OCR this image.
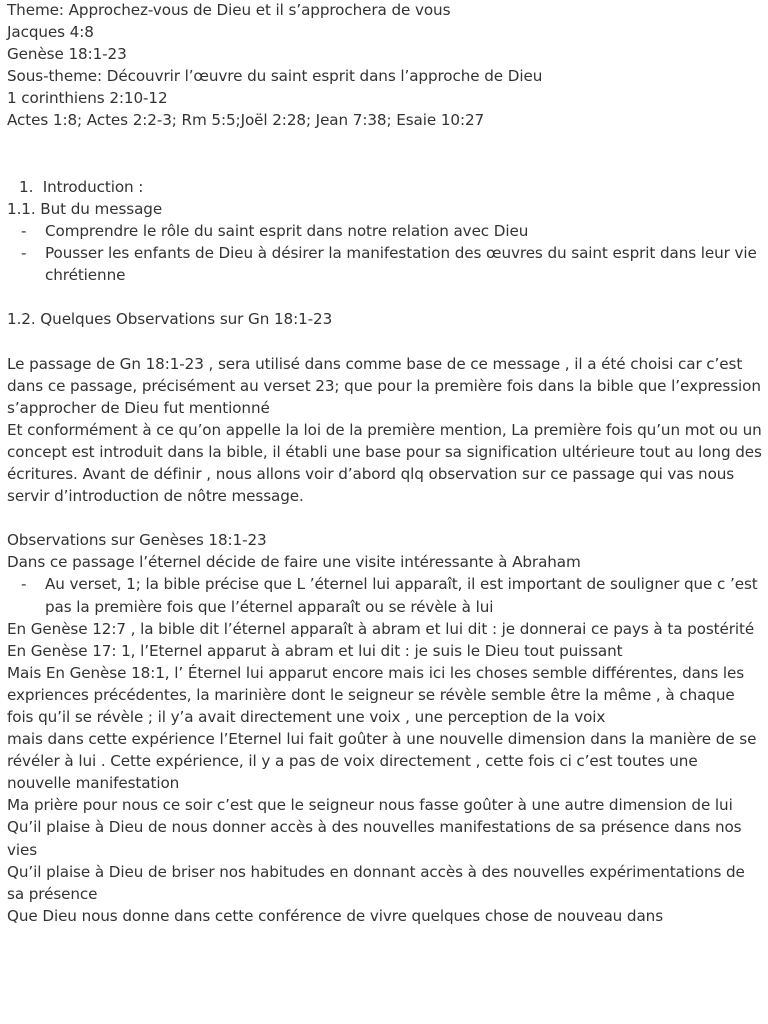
Theme: Approchez-vous de Dieu et il s’approchera de vous
Jacques 4:8
Genèse 18:1-23
Sous-theme: Découvrir l’œuvre du saint esprit dans l’approche de Dieu
1 corinthiens 2:10-12
Actes 1:8; Actes 2:2-3; Rm 5:5;Joël 2:28; Jean 7:38; Esaie 10:27
1. Introduction :
1.1. But du message
- Comprendre le rôle du saint esprit dans notre relation avec Dieu
- Pousser les enfants de Dieu à désirer la manifestation des œuvres du saint esprit dans leur vie chrétienne
1.2. Quelques Observations sur Gn 18:1-23
Le passage de Gn 18:1-23 , sera utilisé dans comme base de ce message , il a été choisi car c’est dans ce passage, précisément au verset 23; que pour la première fois dans la bible que l’expression s’approcher de Dieu fut mentionné
Et conformément à ce qu’on appelle la loi de la première mention, La première fois qu’un mot ou un concept est introduit dans la bible, il établi une base pour sa signification ultérieure tout au long des écritures. Avant de définir , nous allons voir d’abord qlq observation sur ce passage qui vas nous servir d’introduction de nôtre message.
Observations sur Genèses 18:1-23
Dans ce passage l’éternel décide de faire une visite intéressante à Abraham
- Au verset, 1; la bible précise que L ’éternel lui apparaît, il est important de souligner que c ’est pas la première fois que l’éternel apparaît ou se révèle à lui
En Genèse 12:7 , la bible dit l’éternel apparaît à abram et lui dit : je donnerai ce pays à ta postérité
En Genèse 17: 1, l’Eternel apparut à abram et lui dit : je suis le Dieu tout puissant
Mais En Genèse 18:1, l’ Éternel lui apparut encore mais ici les choses semble différentes, dans les expriences précédentes, la marinière dont le seigneur se révèle semble être la même , à chaque fois qu’il se révèle ; il y’a avait directement une voix , une perception de la voix
mais dans cette expérience l’Eternel lui fait goûter à une nouvelle dimension dans la manière de se révéler à lui . Cette expérience, il y a pas de voix directement , cette fois ci c’est toutes une nouvelle manifestation
Ma prière pour nous ce soir c’est que le seigneur nous fasse goûter à une autre dimension de lui
Qu’il plaise à Dieu de nous donner accès à des nouvelles manifestations de sa présence dans nos vies
Qu’il plaise à Dieu de briser nos habitudes en donnant accès à des nouvelles expérimentations de sa présence
Que Dieu nous donne dans cette conférence de vivre quelques chose de nouveau dans
